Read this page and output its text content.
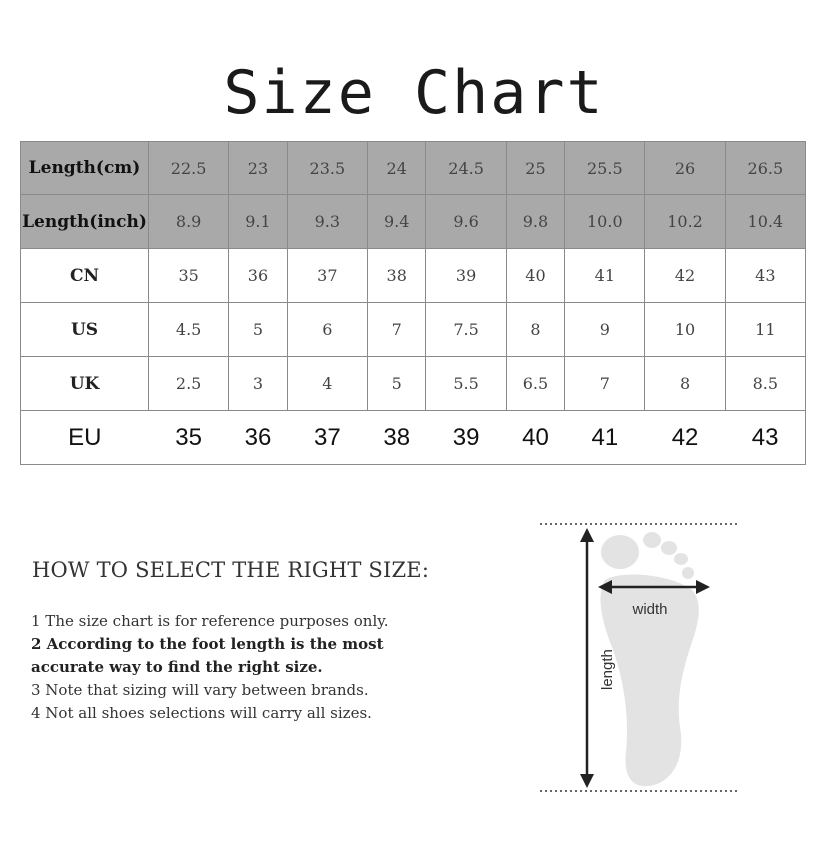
Size Chart
Length(cm)	22.5	23	23.5	24	24.5	25	25.5	26	26.5
Length(inch)	8.9	9.1	9.3	9.4	9.6	9.8	10.0	10.2	10.4
CN	35	36	37	38	39	40	41	42	43
US	4.5	5	6	7	7.5	8	9	10	11
UK	2.5	3	4	5	5.5	6.5	7	8	8.5
EU	35	36	37	38	39	40	41	42	43
HOW TO SELECT THE RIGHT SIZE:
1 The size chart is for reference purposes only.
2 According to the foot length is the most accurate way to find the right size.
3 Note that sizing will vary between brands.
4 Not all shoes selections will carry all sizes.
width
length
